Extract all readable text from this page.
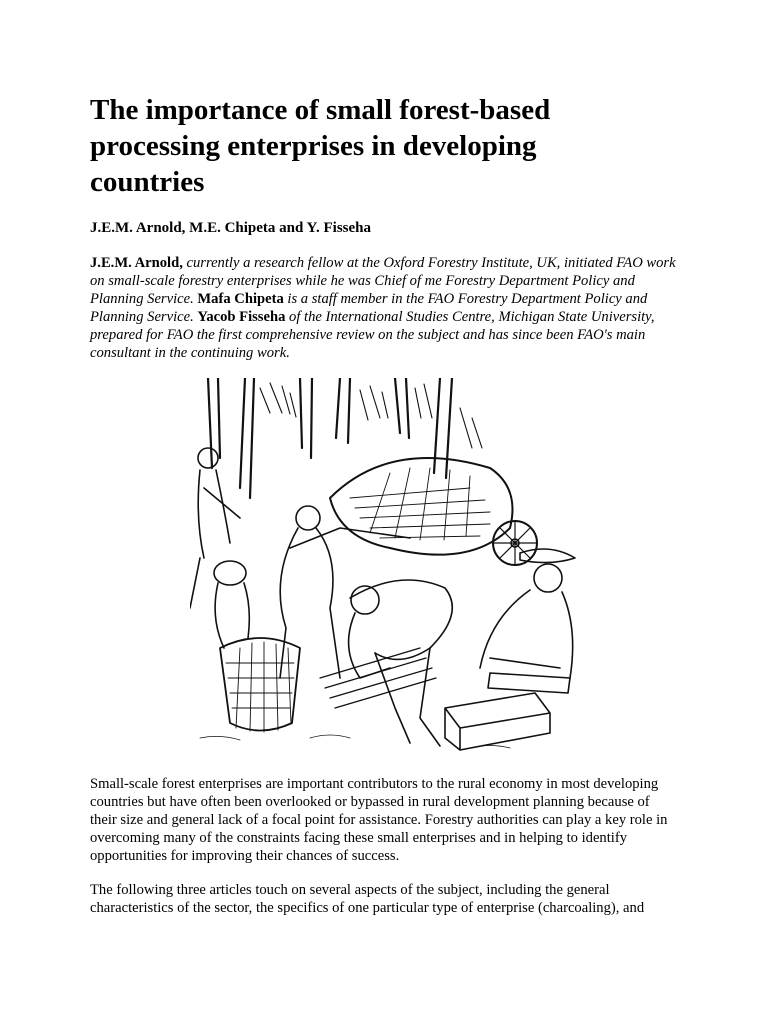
The importance of small forest-based
processing enterprises in developing
countries

J.E.M. Arnold, M.E. Chipeta and Y. Fisseha

J.E.M. Arnold, currently a research fellow at the Oxford Forestry Institute, UK, initiated FAO work on small-scale forestry enterprises while he was Chief of me Forestry Department Policy and Planning Service. Mafa Chipeta is a staff member in the FAO Forestry Department Policy and Planning Service. Yacob Fisseha of the International Studies Centre, Michigan State University, prepared for FAO the first comprehensive review on the subject and has since been FAO's main consultant in the continuing work.

Small-scale forest enterprises are important contributors to the rural economy in most developing countries but have often been overlooked or bypassed in rural development planning because of their size and general lack of a focal point for assistance. Forestry authorities can play a key role in overcoming many of the constraints facing these small enterprises and in helping to identify opportunities for improving their chances of success.

The following three articles touch on several aspects of the subject, including the general characteristics of the sector, the specifics of one particular type of enterprise (charcoaling), and
